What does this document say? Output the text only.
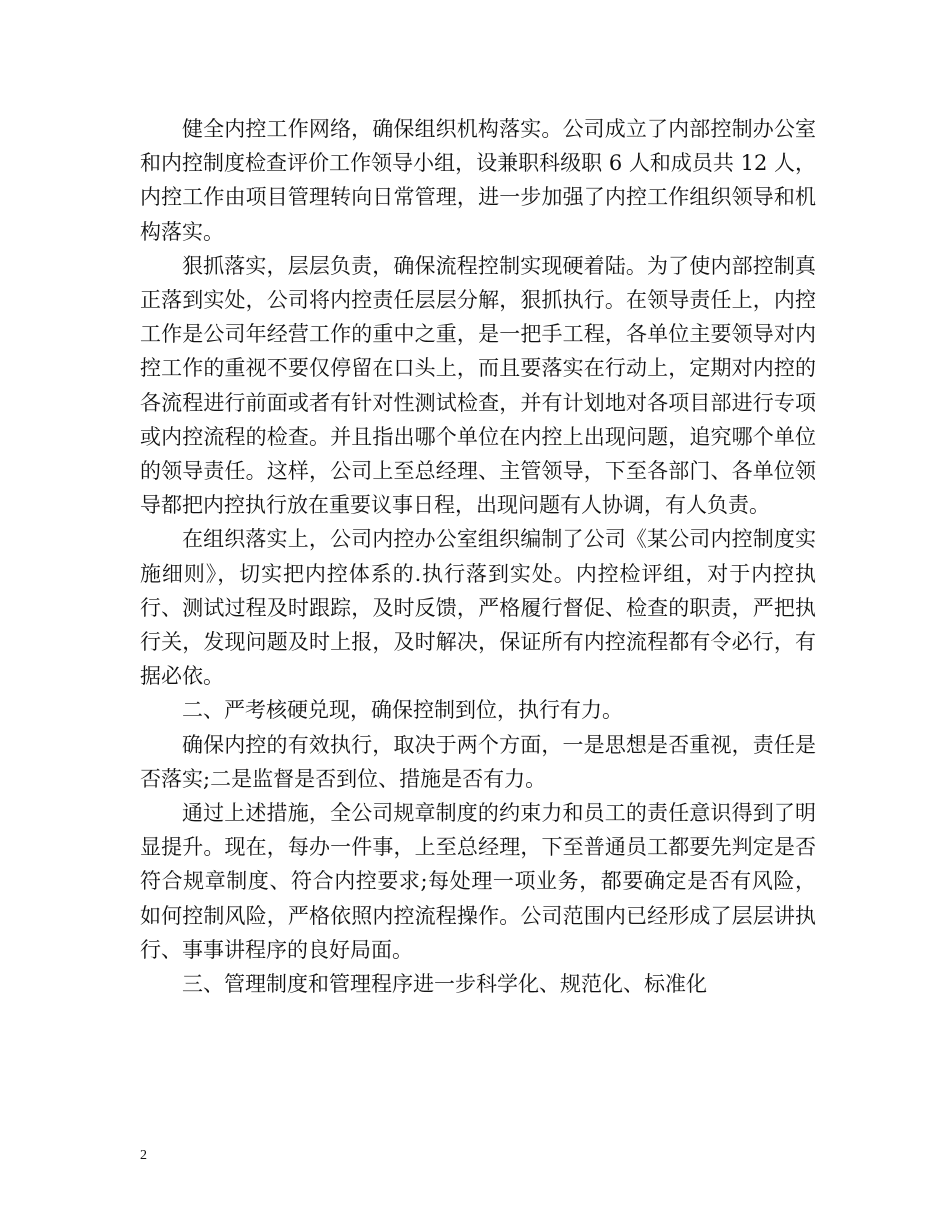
健全内控工作网络，确保组织机构落实。公司成立了内部控制办公室和内控制度检查评价工作领导小组，设兼职科级职 6 人和成员共 12 人，内控工作由项目管理转向日常管理，进一步加强了内控工作组织领导和机构落实。

狠抓落实，层层负责，确保流程控制实现硬着陆。为了使内部控制真正落到实处，公司将内控责任层层分解，狠抓执行。在领导责任上，内控工作是公司年经营工作的重中之重，是一把手工程，各单位主要领导对内控工作的重视不要仅停留在口头上，而且要落实在行动上，定期对内控的各流程进行前面或者有针对性测试检查，并有计划地对各项目部进行专项或内控流程的检查。并且指出哪个单位在内控上出现问题，追究哪个单位的领导责任。这样，公司上至总经理、主管领导，下至各部门、各单位领导都把内控执行放在重要议事日程，出现问题有人协调，有人负责。

在组织落实上，公司内控办公室组织编制了公司《某公司内控制度实施细则》，切实把内控体系的.执行落到实处。内控检评组，对于内控执行、测试过程及时跟踪，及时反馈，严格履行督促、检查的职责，严把执行关，发现问题及时上报，及时解决，保证所有内控流程都有令必行，有据必依。

二、严考核硬兑现，确保控制到位，执行有力。

确保内控的有效执行，取决于两个方面，一是思想是否重视，责任是否落实;二是监督是否到位、措施是否有力。

通过上述措施，全公司规章制度的约束力和员工的责任意识得到了明显提升。现在，每办一件事，上至总经理，下至普通员工都要先判定是否符合规章制度、符合内控要求;每处理一项业务，都要确定是否有风险，如何控制风险，严格依照内控流程操作。公司范围内已经形成了层层讲执行、事事讲程序的良好局面。

三、管理制度和管理程序进一步科学化、规范化、标准化

2
